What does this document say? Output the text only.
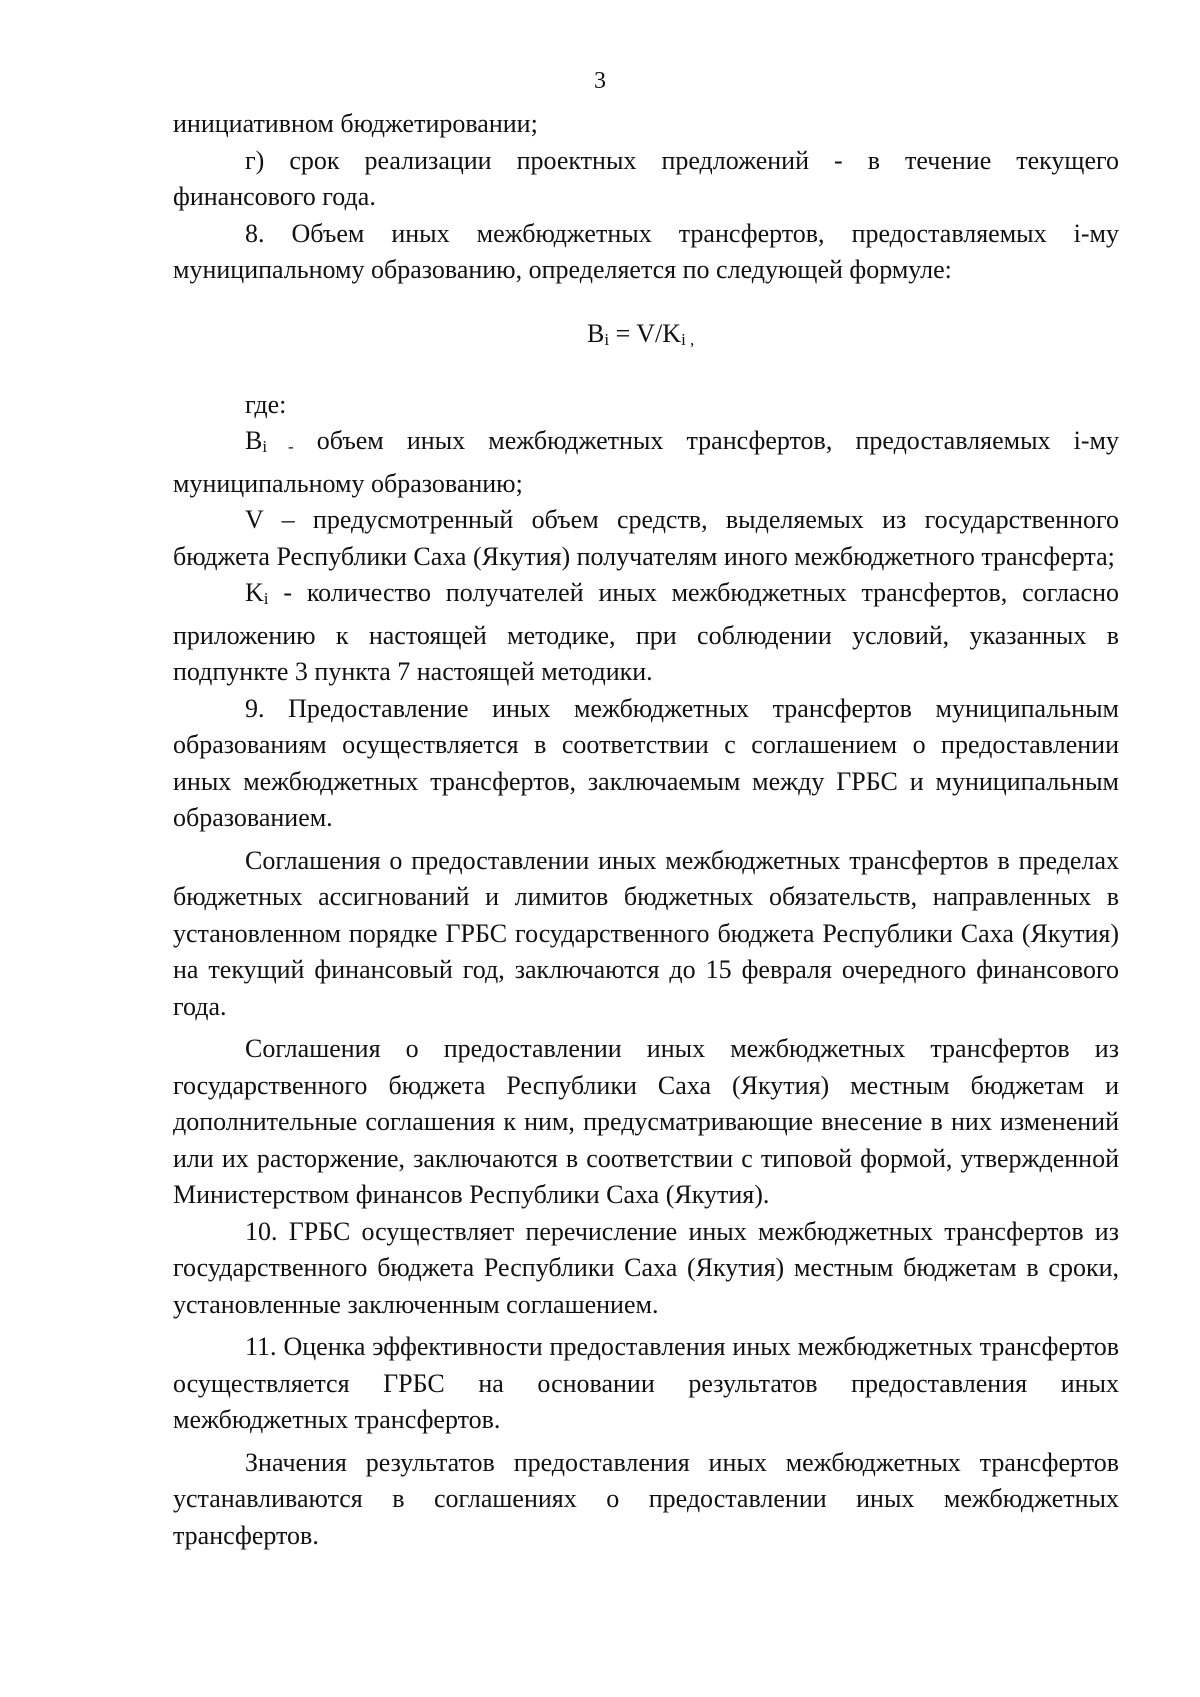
3

инициативном бюджетировании;

г) срок реализации проектных предложений - в течение текущего финансового года.

8. Объем иных межбюджетных трансфертов, предоставляемых i-му муниципальному образованию, определяется по следующей формуле:

Bi = V/Ki ,

где:

Bi - объем иных межбюджетных трансфертов, предоставляемых i-му муниципальному образованию;

V – предусмотренный объем средств, выделяемых из государственного бюджета Республики Саха (Якутия) получателям иного межбюджетного трансферта;

Ki - количество получателей иных межбюджетных трансфертов, согласно приложению к настоящей методике, при соблюдении условий, указанных в подпункте 3 пункта 7 настоящей методики.

9. Предоставление иных межбюджетных трансфертов муниципальным образованиям осуществляется в соответствии с соглашением о предоставлении иных межбюджетных трансфертов, заключаемым между ГРБС и муниципальным образованием.

Соглашения о предоставлении иных межбюджетных трансфертов в пределах бюджетных ассигнований и лимитов бюджетных обязательств, направленных в установленном порядке ГРБС государственного бюджета Республики Саха (Якутия) на текущий финансовый год, заключаются до 15 февраля очередного финансового года.

Соглашения о предоставлении иных межбюджетных трансфертов из государственного бюджета Республики Саха (Якутия) местным бюджетам и дополнительные соглашения к ним, предусматривающие внесение в них изменений или их расторжение, заключаются в соответствии с типовой формой, утвержденной Министерством финансов Республики Саха (Якутия).

10. ГРБС осуществляет перечисление иных межбюджетных трансфертов из государственного бюджета Республики Саха (Якутия) местным бюджетам в сроки, установленные заключенным соглашением.

11. Оценка эффективности предоставления иных межбюджетных трансфертов осуществляется ГРБС на основании результатов предоставления иных межбюджетных трансфертов.

Значения результатов предоставления иных межбюджетных трансфертов устанавливаются в соглашениях о предоставлении иных межбюджетных трансфертов.
